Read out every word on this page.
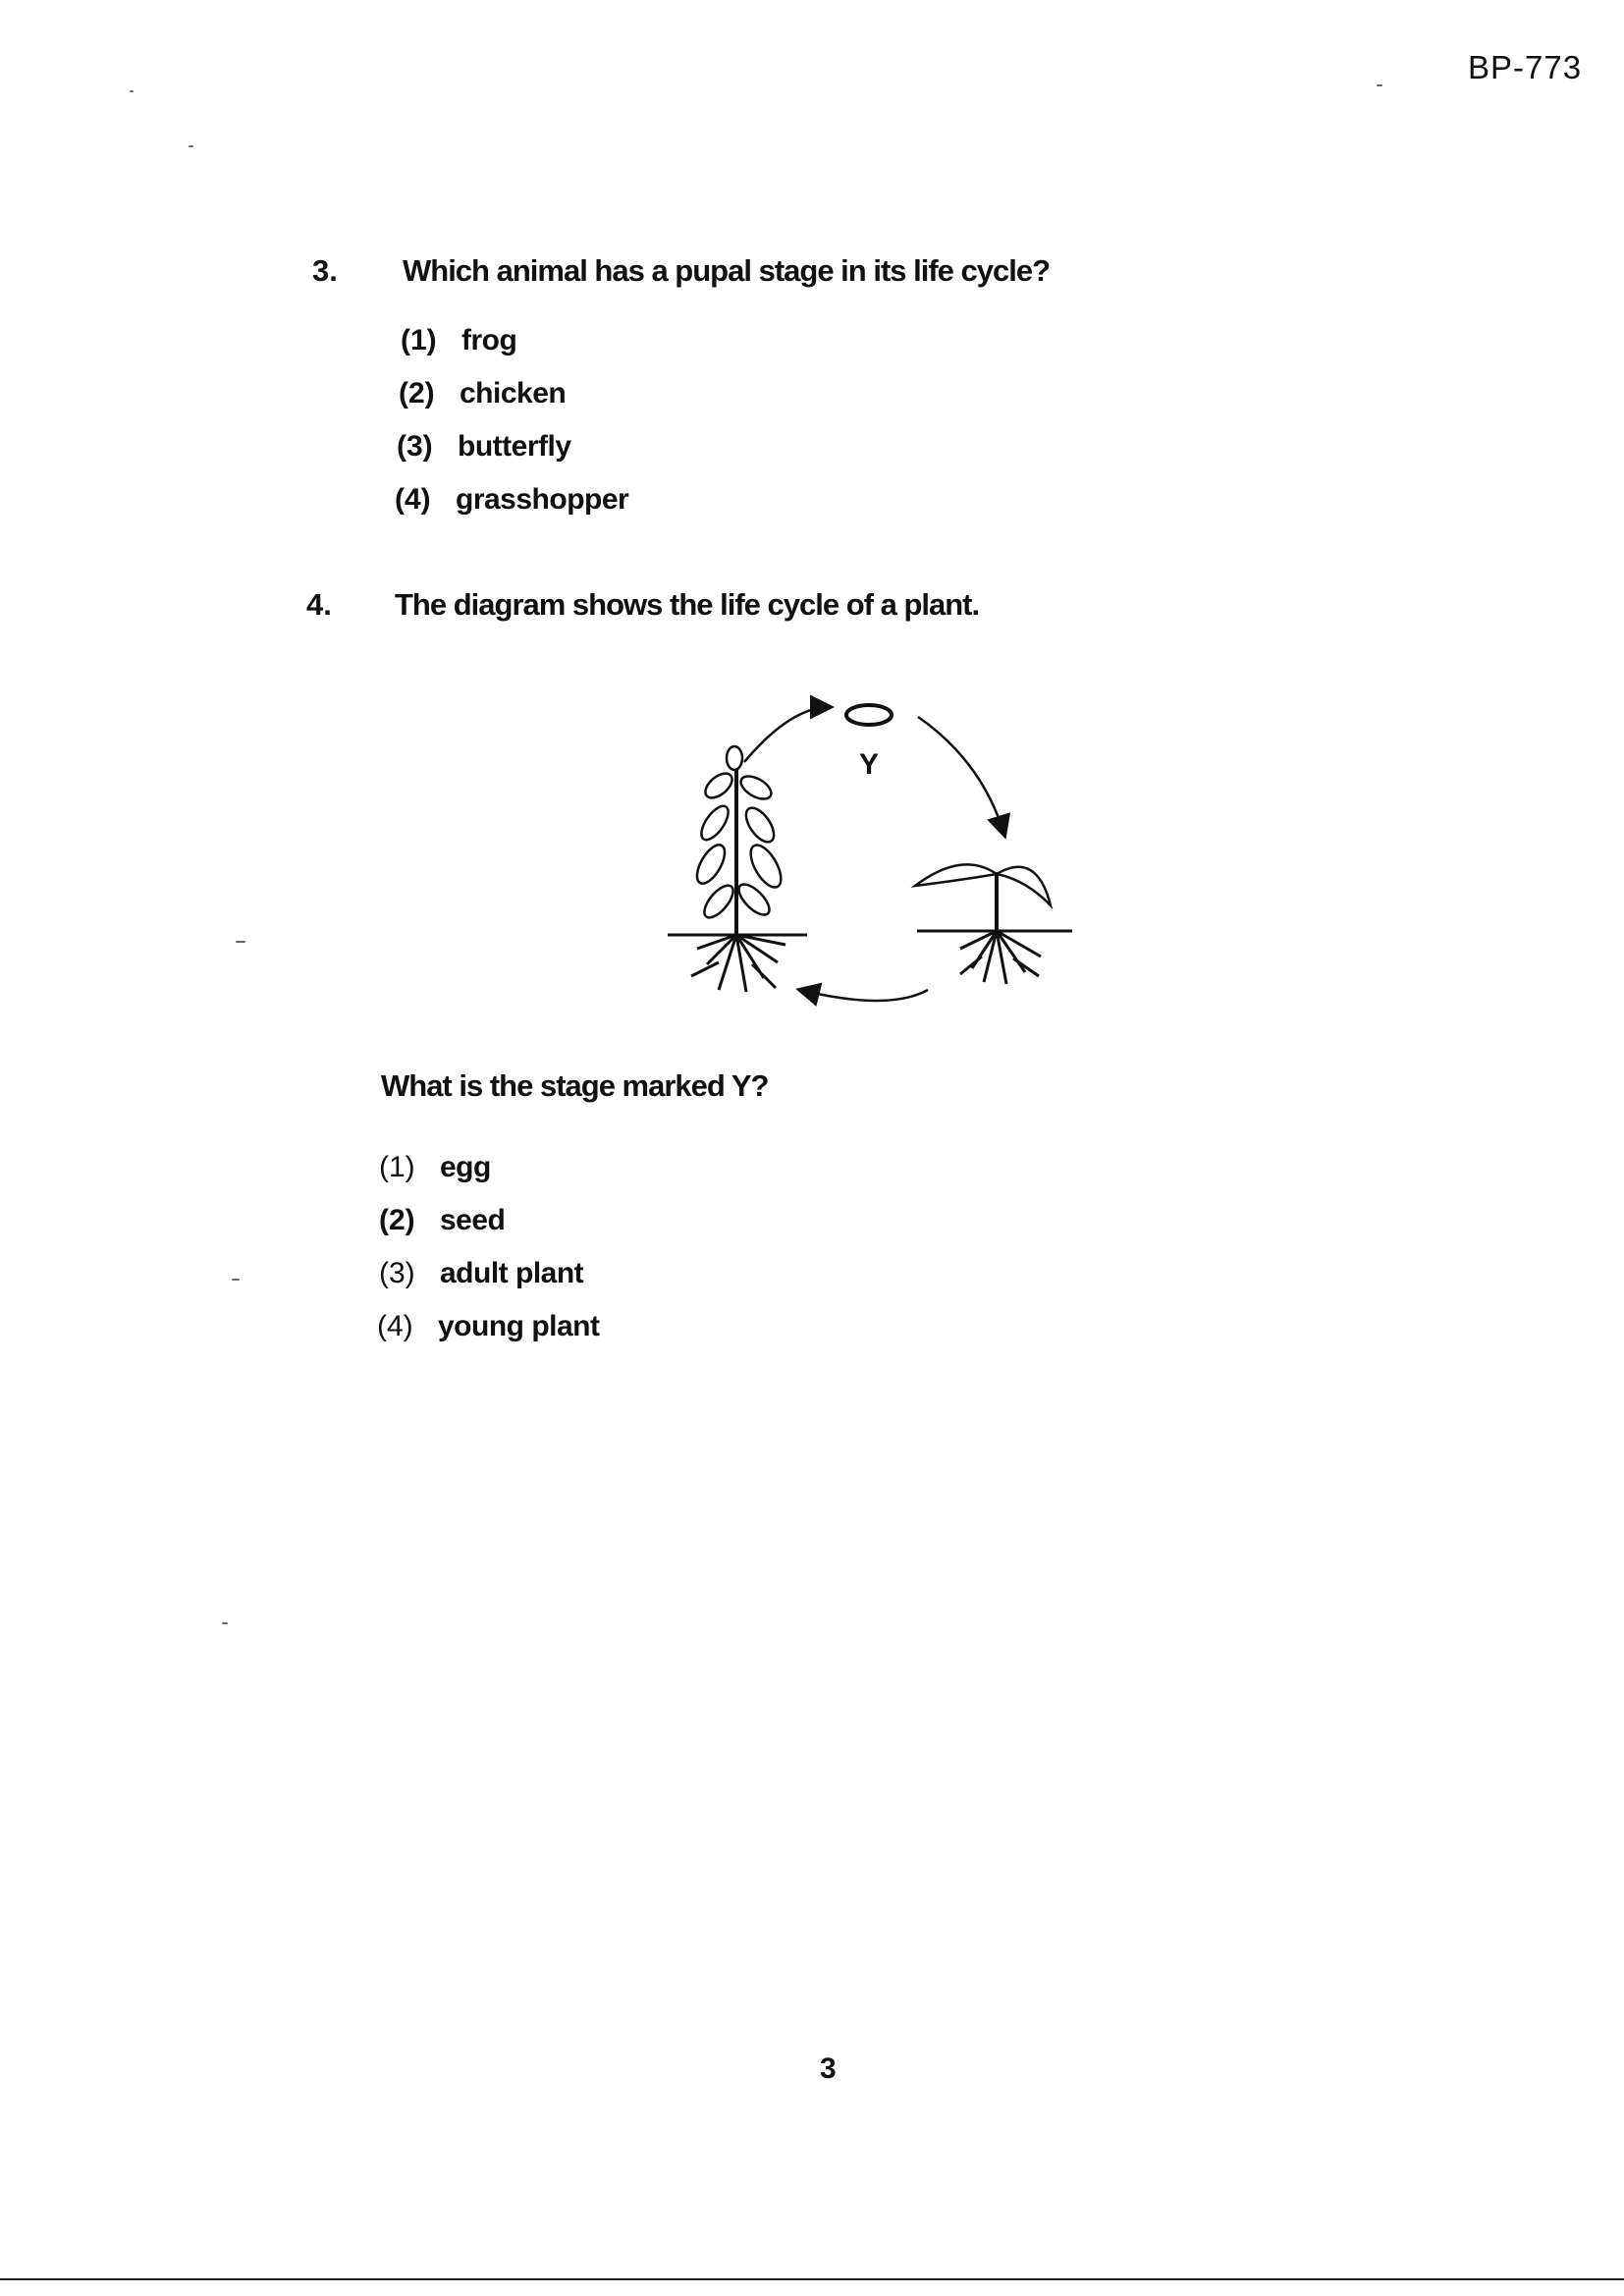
BP-773
3. Which animal has a pupal stage in its life cycle?
(1) frog
(2) chicken
(3) butterfly
(4) grasshopper
4. The diagram shows the life cycle of a plant.
Y
What is the stage marked Y?
(1) egg
(2) seed
(3) adult plant
(4) young plant
3
